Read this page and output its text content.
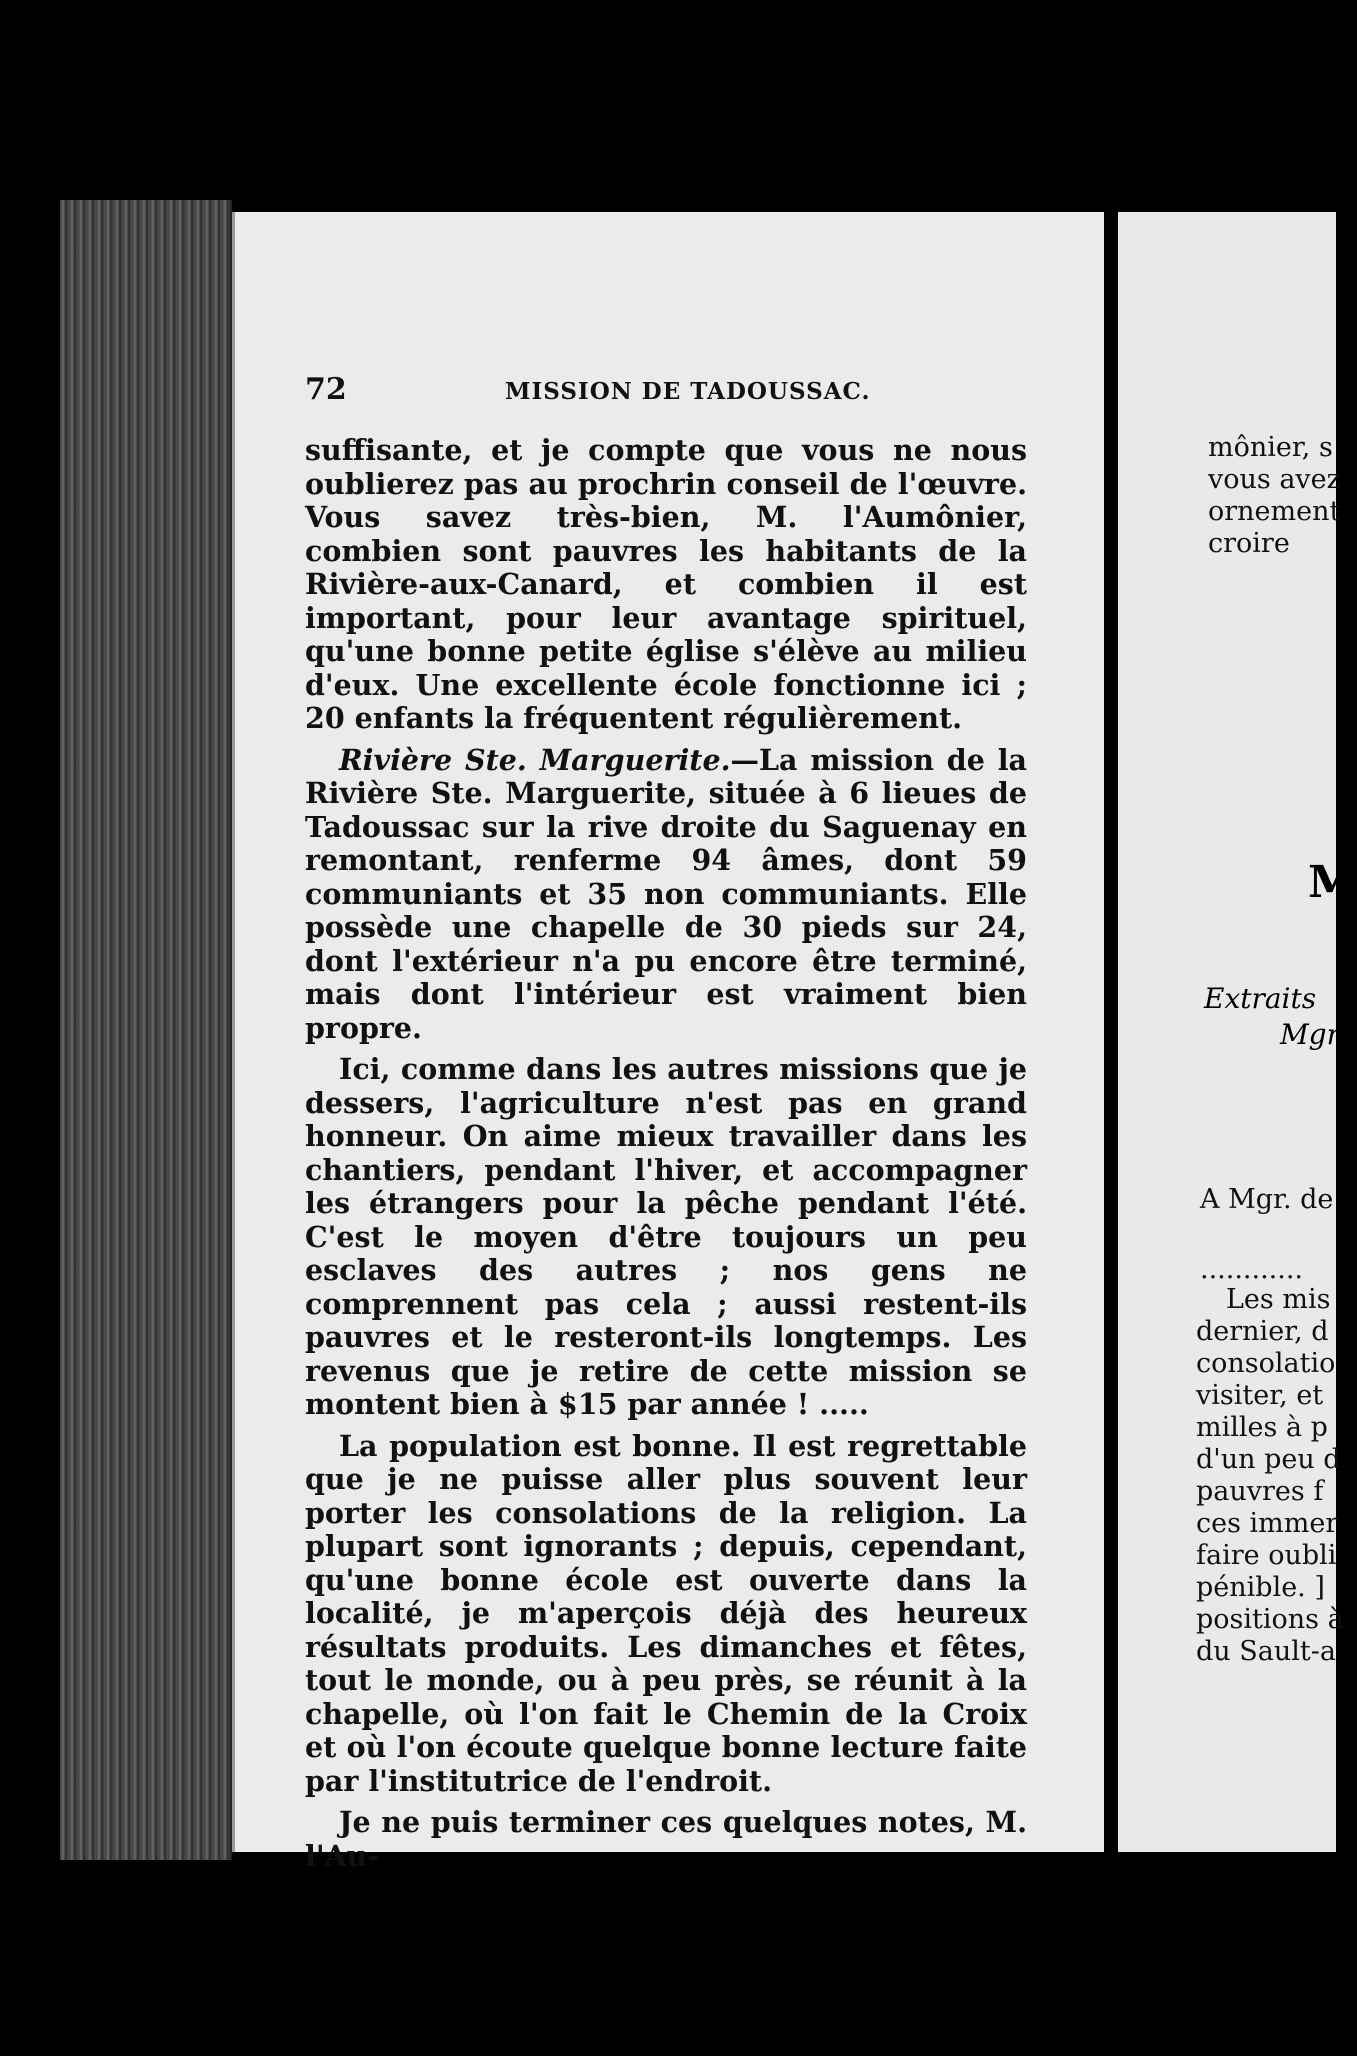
72	MISSION DE TADOUSSAC.

suffisante, et je compte que vous ne nous oublierez pas au prochrin conseil de l'œuvre. Vous savez très-bien, M. l'Aumônier, combien sont pauvres les habitants de la Rivière-aux-Canard, et combien il est important, pour leur avantage spirituel, qu'une bonne petite église s'élève au milieu d'eux. Une excellente école fonctionne ici ; 20 enfants la fréquentent régulièrement.

Rivière Ste. Marguerite.—La mission de la Rivière Ste. Marguerite, située à 6 lieues de Tadoussac sur la rive droite du Saguenay en remontant, renferme 94 âmes, dont 59 communiants et 35 non communiants. Elle possède une chapelle de 30 pieds sur 24, dont l'extérieur n'a pu encore être terminé, mais dont l'intérieur est vraiment bien propre.

Ici, comme dans les autres missions que je dessers, l'agriculture n'est pas en grand honneur. On aime mieux travailler dans les chantiers, pendant l'hiver, et accompagner les étrangers pour la pêche pendant l'été. C'est le moyen d'être toujours un peu esclaves des autres ; nos gens ne comprennent pas cela ; aussi restent-ils pauvres et le resteront-ils longtemps. Les revenus que je retire de cette mission se montent bien à $15 par année ! .....

La population est bonne. Il est regrettable que je ne puisse aller plus souvent leur porter les consolations de la religion. La plupart sont ignorants ; depuis, cependant, qu'une bonne école est ouverte dans la localité, je m'aperçois déjà des heureux résultats produits. Les dimanches et fêtes, tout le monde, ou à peu près, se réunit à la chapelle, où l'on fait le Chemin de la Croix et où l'on écoute quelque bonne lecture faite par l'institutrice de l'endroit.

Je ne puis terminer ces quelques notes, M. l'Au-

mônier, s
vous avez
ornement
croire
M
Extraits
Mgr
A Mgr. de
............
Les mis
dernier, d
consolatio
visiter, et
milles à p
d'un peu d
pauvres f
ces immer
faire oubli
pénible. ]
positions à
du Sault-a
